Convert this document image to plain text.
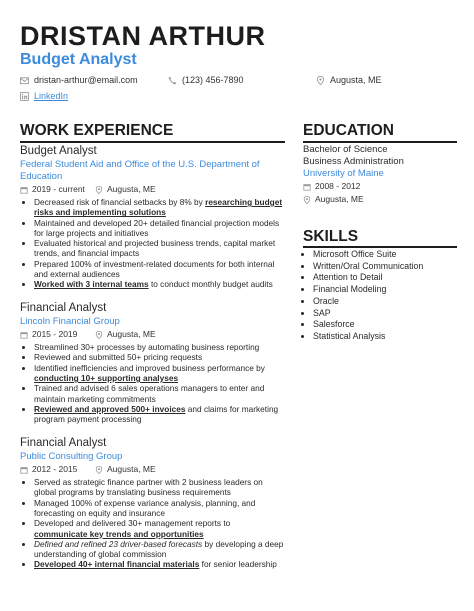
DRISTAN ARTHUR
Budget Analyst
dristan-arthur@email.com	(123) 456-7890	Augusta, ME
LinkedIn
WORK EXPERIENCE

Budget Analyst

Federal Student Aid and Office of the U.S. Department of Education

2019 - current	Augusta, ME
• Decreased risk of financial setbacks by 8% by researching budget risks and implementing solutions
• Maintained and developed 20+ detailed financial projection models for large projects and initiatives
• Evaluated historical and projected business trends, capital market trends, and financial impacts
• Prepared 100% of investment-related documents for both internal and external audiences
• Worked with 3 internal teams to conduct monthly budget audits

Financial Analyst

Lincoln Financial Group

2015 - 2019	Augusta, ME
• Streamlined 30+ processes by automating business reporting
• Reviewed and submitted 50+ pricing requests
• Identified inefficiencies and improved business performance by conducting 10+ supporting analyses
• Trained and advised 6 sales operations managers to enter and maintain marketing commitments
• Reviewed and approved 500+ invoices and claims for marketing program payment processing

Financial Analyst

Public Consulting Group

2012 - 2015	Augusta, ME
• Served as strategic finance partner with 2 business leaders on global programs by translating business requirements
• Managed 100% of expense variance analysis, planning, and forecasting on equity and insurance
• Developed and delivered 30+ management reports to communicate key trends and opportunities
• Defined and refined 23 driver-based forecasts by developing a deep understanding of global commission
• Developed 40+ internal financial materials for senior leadership
EDUCATION

Bachelor of Science

Business Administration

University of Maine

2008 - 2012
Augusta, ME
SKILLS
• Microsoft Office Suite
• Written/Oral Communication
• Attention to Detail
• Financial Modeling
• Oracle
• SAP
• Salesforce
• Statistical Analysis
